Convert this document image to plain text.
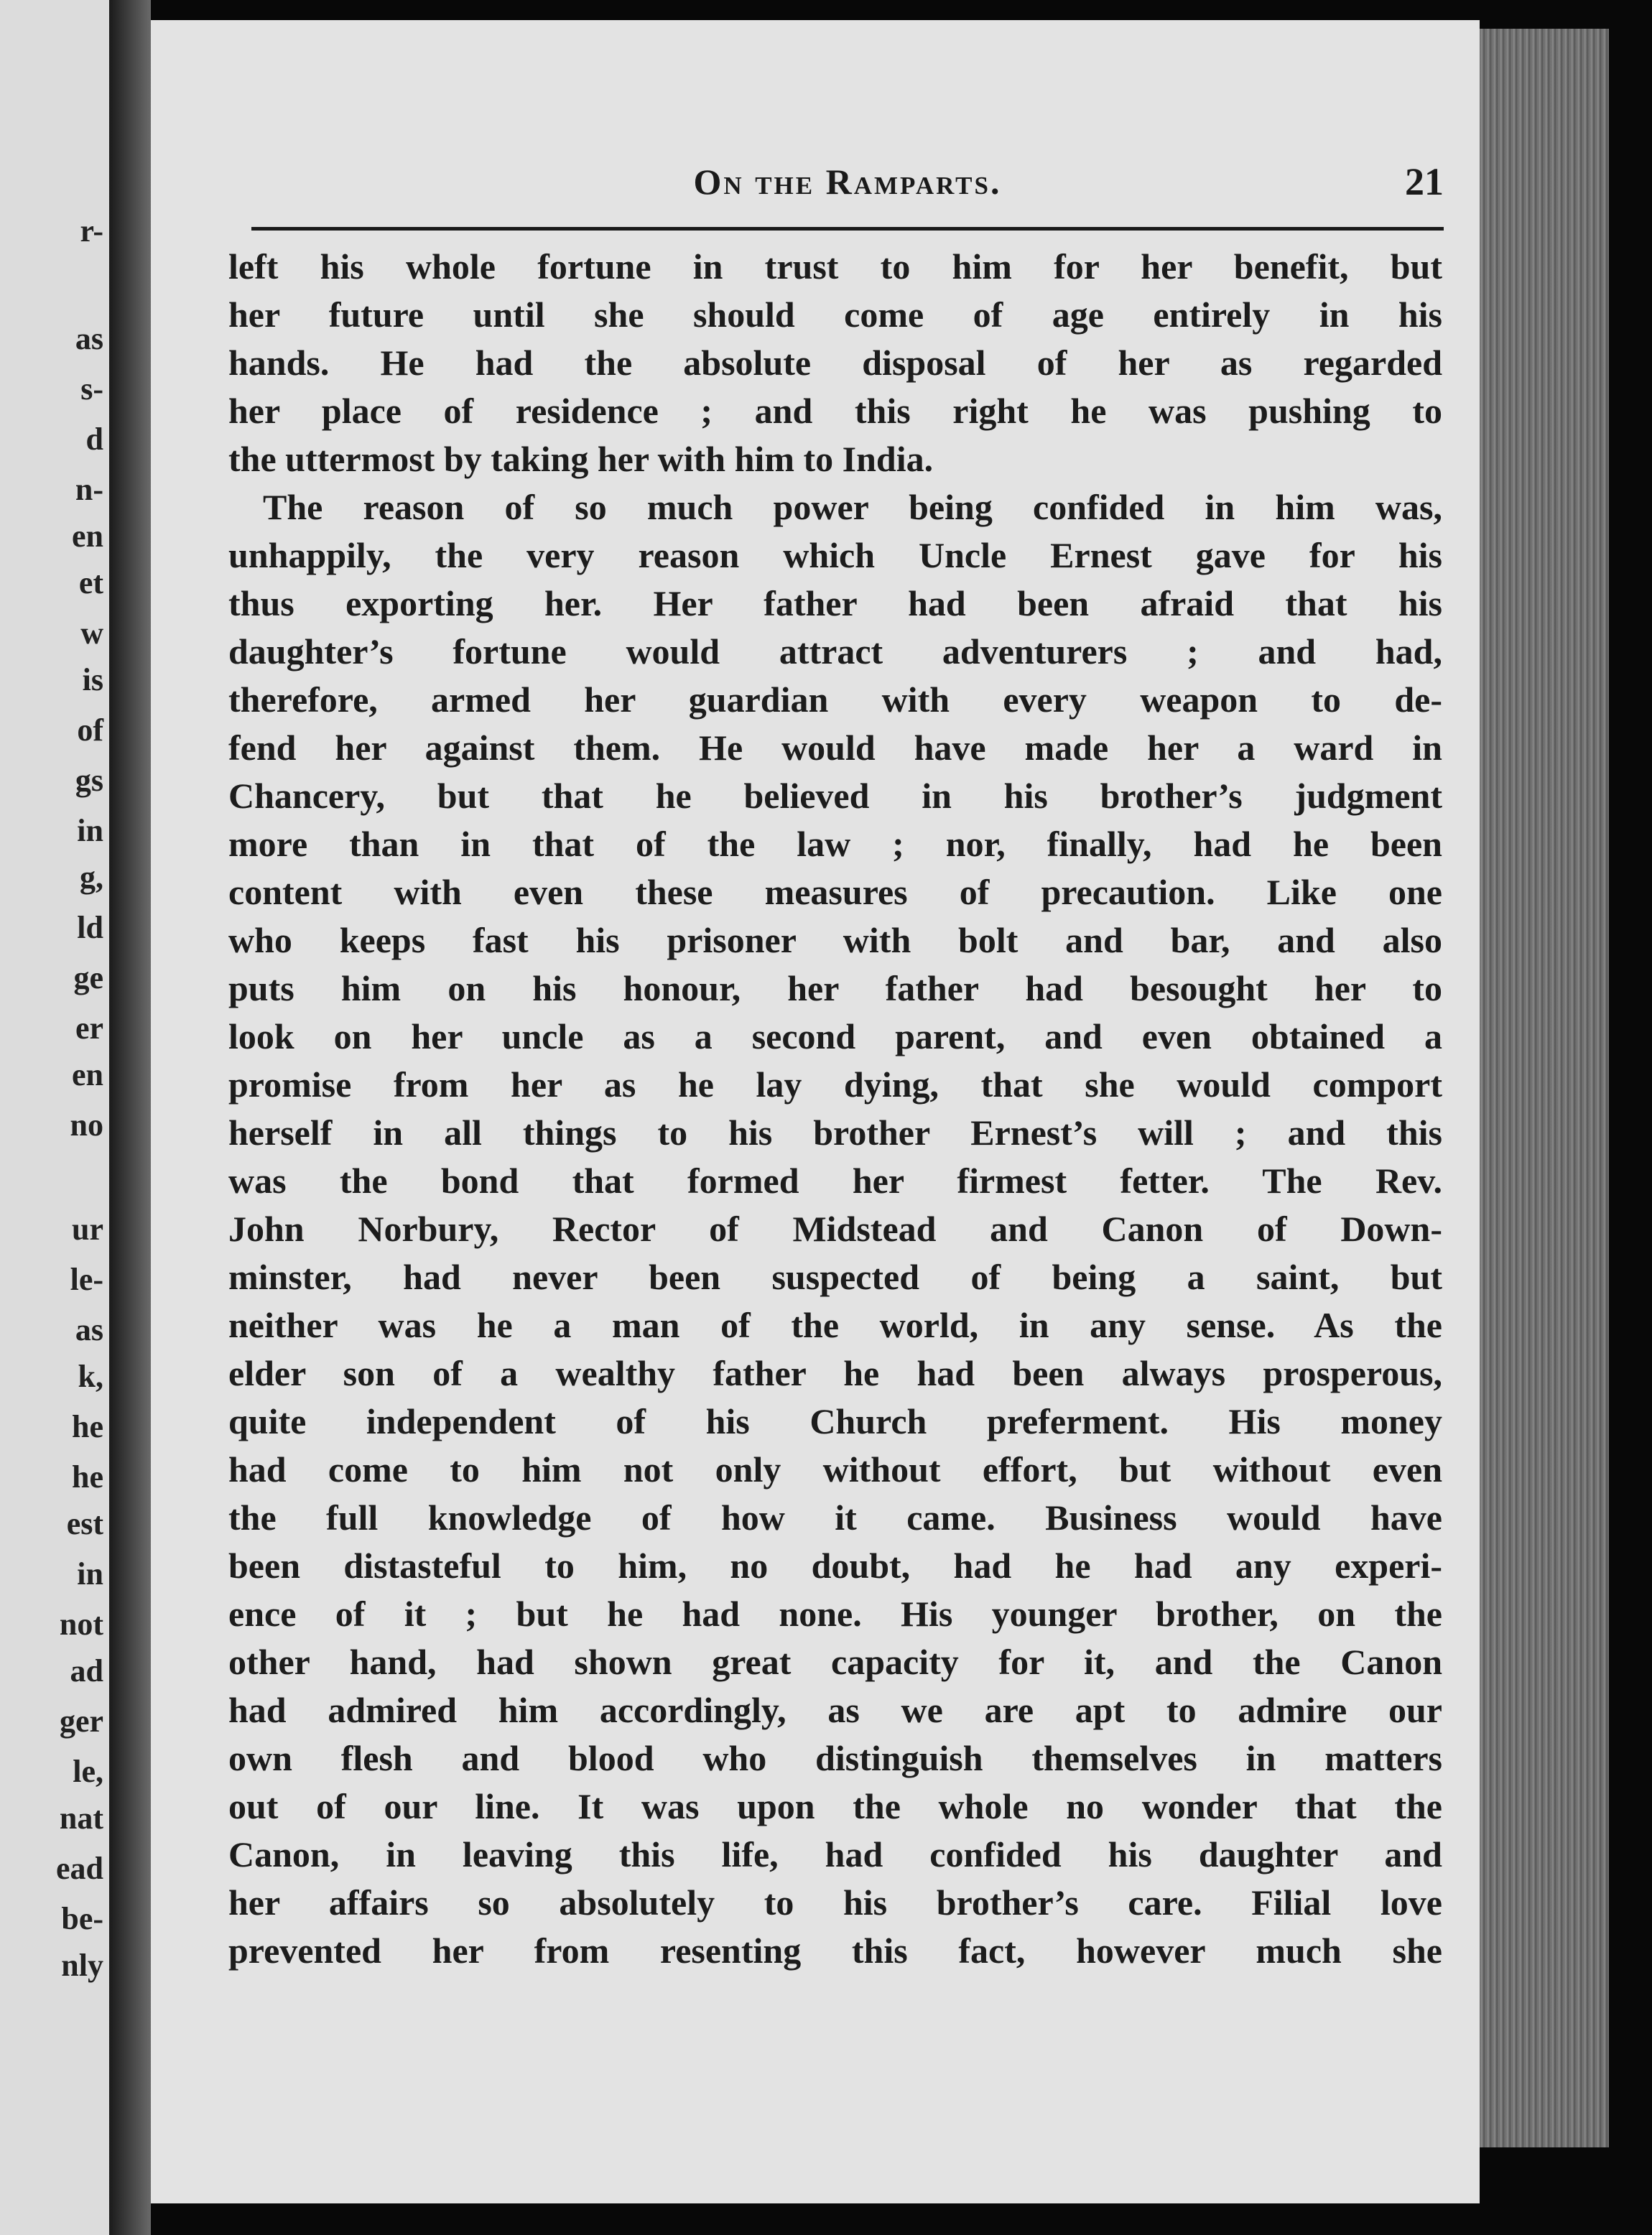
r-
as
s-
d
n-
en
et
w
is
of
gs
in
g,
ld
ge
er
en
no
ur
le-
as
k,
he
he
est
in
not
ad
ger
le,
nat
ead
be-
nly
On the Ramparts.	21
left his whole fortune in trust to him for her benefit, but
her future until she should come of age entirely in his
hands. He had the absolute disposal of her as regarded
her place of residence ; and this right he was pushing to
the uttermost by taking her with him to India.
The reason of so much power being confided in him was,
unhappily, the very reason which Uncle Ernest gave for his
thus exporting her. Her father had been afraid that his
daughter’s fortune would attract adventurers ; and had,
therefore, armed her guardian with every weapon to de-
fend her against them. He would have made her a ward in
Chancery, but that he believed in his brother’s judgment
more than in that of the law ; nor, finally, had he been
content with even these measures of precaution. Like one
who keeps fast his prisoner with bolt and bar, and also
puts him on his honour, her father had besought her to
look on her uncle as a second parent, and even obtained a
promise from her as he lay dying, that she would comport
herself in all things to his brother Ernest’s will ; and this
was the bond that formed her firmest fetter. The Rev.
John Norbury, Rector of Midstead and Canon of Down-
minster, had never been suspected of being a saint, but
neither was he a man of the world, in any sense. As the
elder son of a wealthy father he had been always prosperous,
quite independent of his Church preferment. His money
had come to him not only without effort, but without even
the full knowledge of how it came. Business would have
been distasteful to him, no doubt, had he had any experi-
ence of it ; but he had none. His younger brother, on the
other hand, had shown great capacity for it, and the Canon
had admired him accordingly, as we are apt to admire our
own flesh and blood who distinguish themselves in matters
out of our line. It was upon the whole no wonder that the
Canon, in leaving this life, had confided his daughter and
her affairs so absolutely to his brother’s care. Filial love
prevented her from resenting this fact, however much she
